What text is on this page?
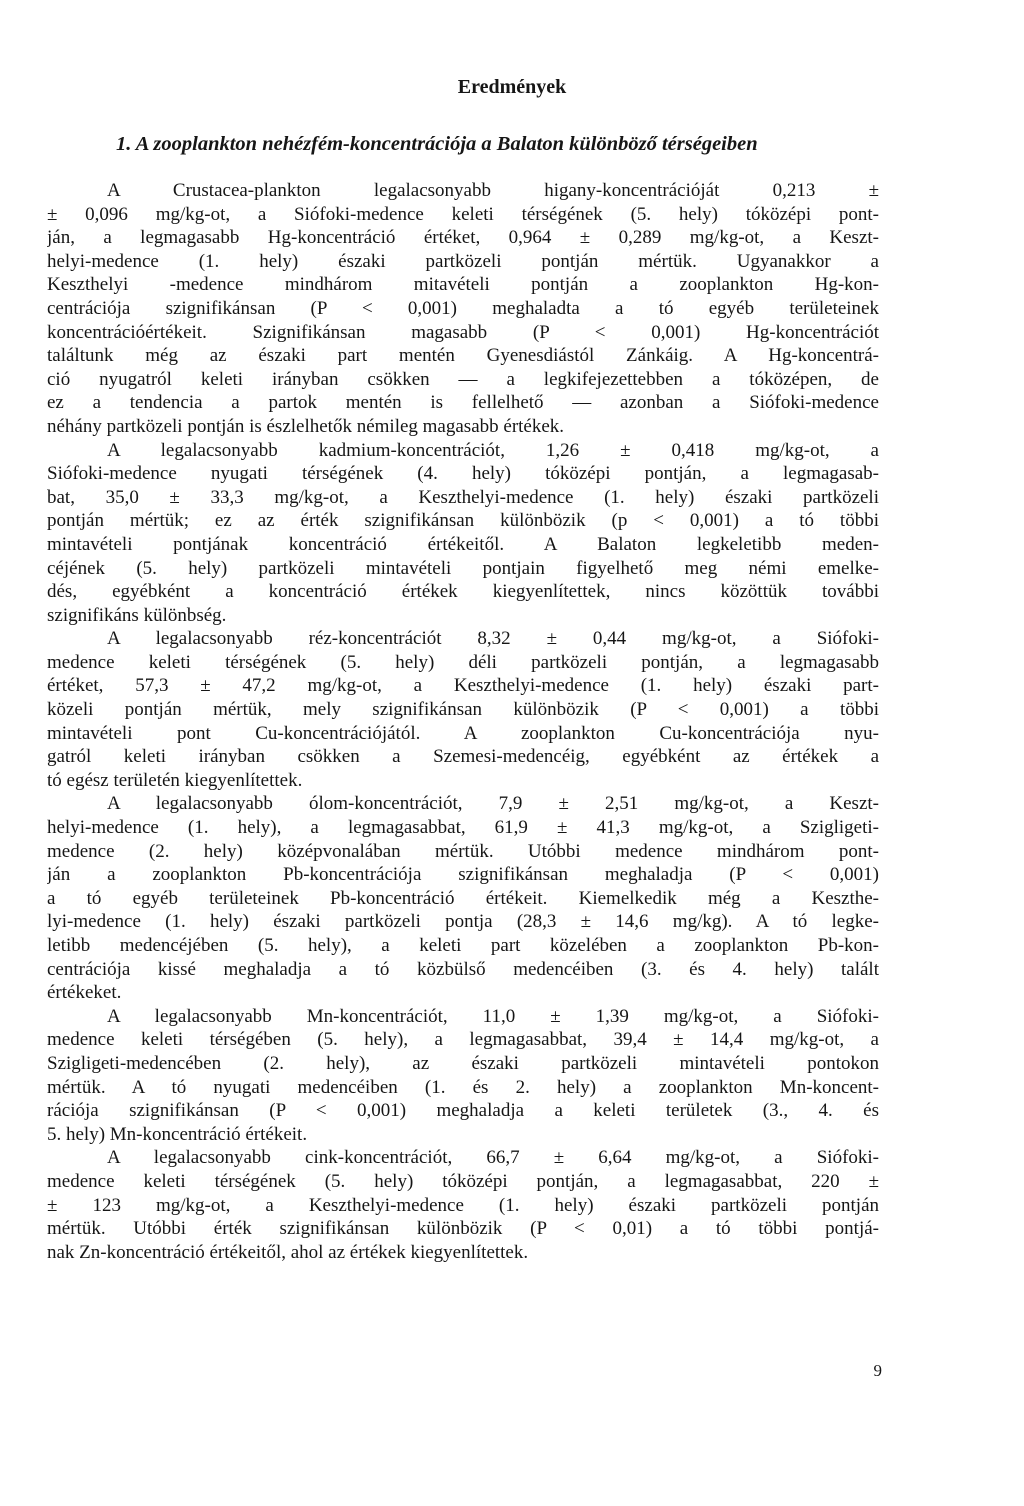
Eredmények
1. A zooplankton nehézfém-koncentrációja a Balaton különböző térségeiben
A Crustacea-plankton legalacsonyabb higany-koncentrációját 0,213 ±
± 0,096 mg/kg-ot, a Siófoki-medence keleti térségének (5. hely) tóközépi pont-
ján, a legmagasabb Hg-koncentráció értéket, 0,964 ± 0,289 mg/kg-ot, a Keszt-
helyi-medence (1. hely) északi partközeli pontján mértük. Ugyanakkor a
Keszthelyi -medence mindhárom mitavételi pontján a zooplankton Hg-kon-
centrációja szignifikánsan (P < 0,001) meghaladta a tó egyéb területeinek
koncentrációértékeit. Szignifikánsan magasabb (P < 0,001) Hg-koncentrációt
találtunk még az északi part mentén Gyenesdiástól Zánkáig. A Hg-koncentrá-
ció nyugatról keleti irányban csökken — a legkifejezettebben a tóközépen, de
ez a tendencia a partok mentén is fellelhető — azonban a Siófoki-medence
néhány partközeli pontján is észlelhetők némileg magasabb értékek.
A legalacsonyabb kadmium-koncentrációt, 1,26 ± 0,418 mg/kg-ot, a
Siófoki-medence nyugati térségének (4. hely) tóközépi pontján, a legmagasab-
bat, 35,0 ± 33,3 mg/kg-ot, a Keszthelyi-medence (1. hely) északi partközeli
pontján mértük; ez az érték szignifikánsan különbözik (p < 0,001) a tó többi
mintavételi pontjának koncentráció értékeitől. A Balaton legkeletibb meden-
céjének (5. hely) partközeli mintavételi pontjain figyelhető meg némi emelke-
dés, egyébként a koncentráció értékek kiegyenlítettek, nincs közöttük további
szignifikáns különbség.
A legalacsonyabb réz-koncentrációt 8,32 ± 0,44 mg/kg-ot, a Siófoki-
medence keleti térségének (5. hely) déli partközeli pontján, a legmagasabb
értéket, 57,3 ± 47,2 mg/kg-ot, a Keszthelyi-medence (1. hely) északi part-
közeli pontján mértük, mely szignifikánsan különbözik (P < 0,001) a többi
mintavételi pont Cu-koncentrációjától. A zooplankton Cu-koncentrációja nyu-
gatról keleti irányban csökken a Szemesi-medencéig, egyébként az értékek a
tó egész területén kiegyenlítettek.
A legalacsonyabb ólom-koncentrációt, 7,9 ± 2,51 mg/kg-ot, a Keszt-
helyi-medence (1. hely), a legmagasabbat, 61,9 ± 41,3 mg/kg-ot, a Szigligeti-
medence (2. hely) középvonalában mértük. Utóbbi medence mindhárom pont-
ján a zooplankton Pb-koncentrációja szignifikánsan meghaladja (P < 0,001)
a tó egyéb területeinek Pb-koncentráció értékeit. Kiemelkedik még a Keszthe-
lyi-medence (1. hely) északi partközeli pontja (28,3 ± 14,6 mg/kg). A tó legke-
letibb medencéjében (5. hely), a keleti part közelében a zooplankton Pb-kon-
centrációja kissé meghaladja a tó közbülső medencéiben (3. és 4. hely) talált
értékeket.
A legalacsonyabb Mn-koncentrációt, 11,0 ± 1,39 mg/kg-ot, a Siófoki-
medence keleti térségében (5. hely), a legmagasabbat, 39,4 ± 14,4 mg/kg-ot, a
Szigligeti-medencében (2. hely), az északi partközeli mintavételi pontokon
mértük. A tó nyugati medencéiben (1. és 2. hely) a zooplankton Mn-koncent-
rációja szignifikánsan (P < 0,001) meghaladja a keleti területek (3., 4. és
5. hely) Mn-koncentráció értékeit.
A legalacsonyabb cink-koncentrációt, 66,7 ± 6,64 mg/kg-ot, a Siófoki-
medence keleti térségének (5. hely) tóközépi pontján, a legmagasabbat, 220 ±
± 123 mg/kg-ot, a Keszthelyi-medence (1. hely) északi partközeli pontján
mértük. Utóbbi érték szignifikánsan különbözik (P < 0,01) a tó többi pontjá-
nak Zn-koncentráció értékeitől, ahol az értékek kiegyenlítettek.
9
